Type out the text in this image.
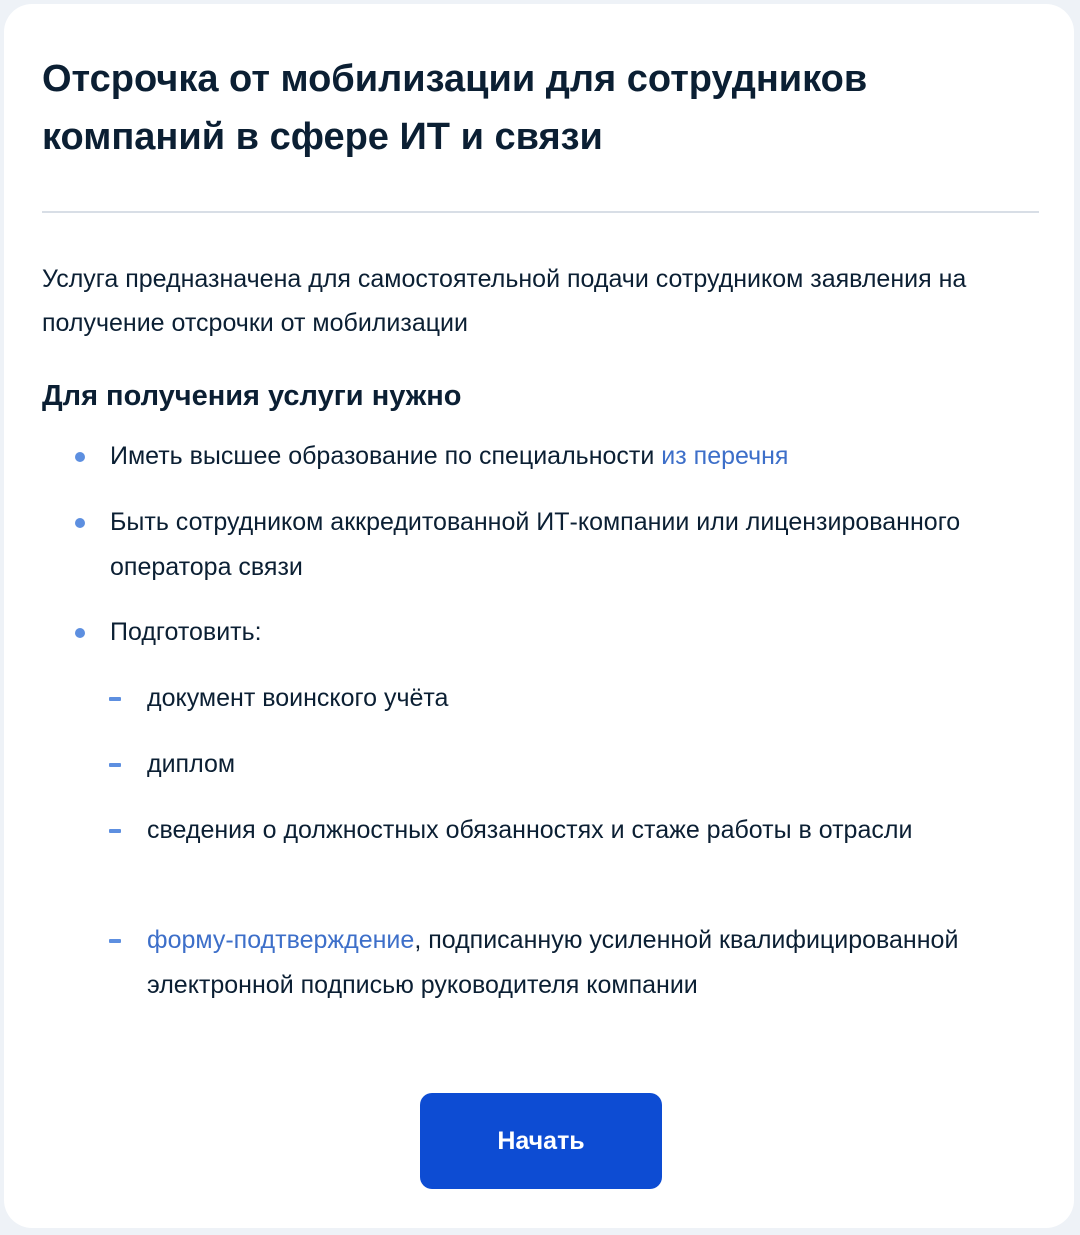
Отсрочка от мобилизации для сотрудников компаний в сфере ИТ и связи

Услуга предназначена для самостоятельной подачи сотрудником заявления на получение отсрочки от мобилизации

Для получения услуги нужно
Иметь высшее образование по специальности из перечня
Быть сотрудником аккредитованной ИТ-компании или лицензированного оператора связи
Подготовить:
документ воинского учёта
диплом
сведения о должностных обязанностях и стаже работы в отрасли
форму-подтверждение, подписанную усиленной квалифицированной электронной подписью руководителя компании
Начать
